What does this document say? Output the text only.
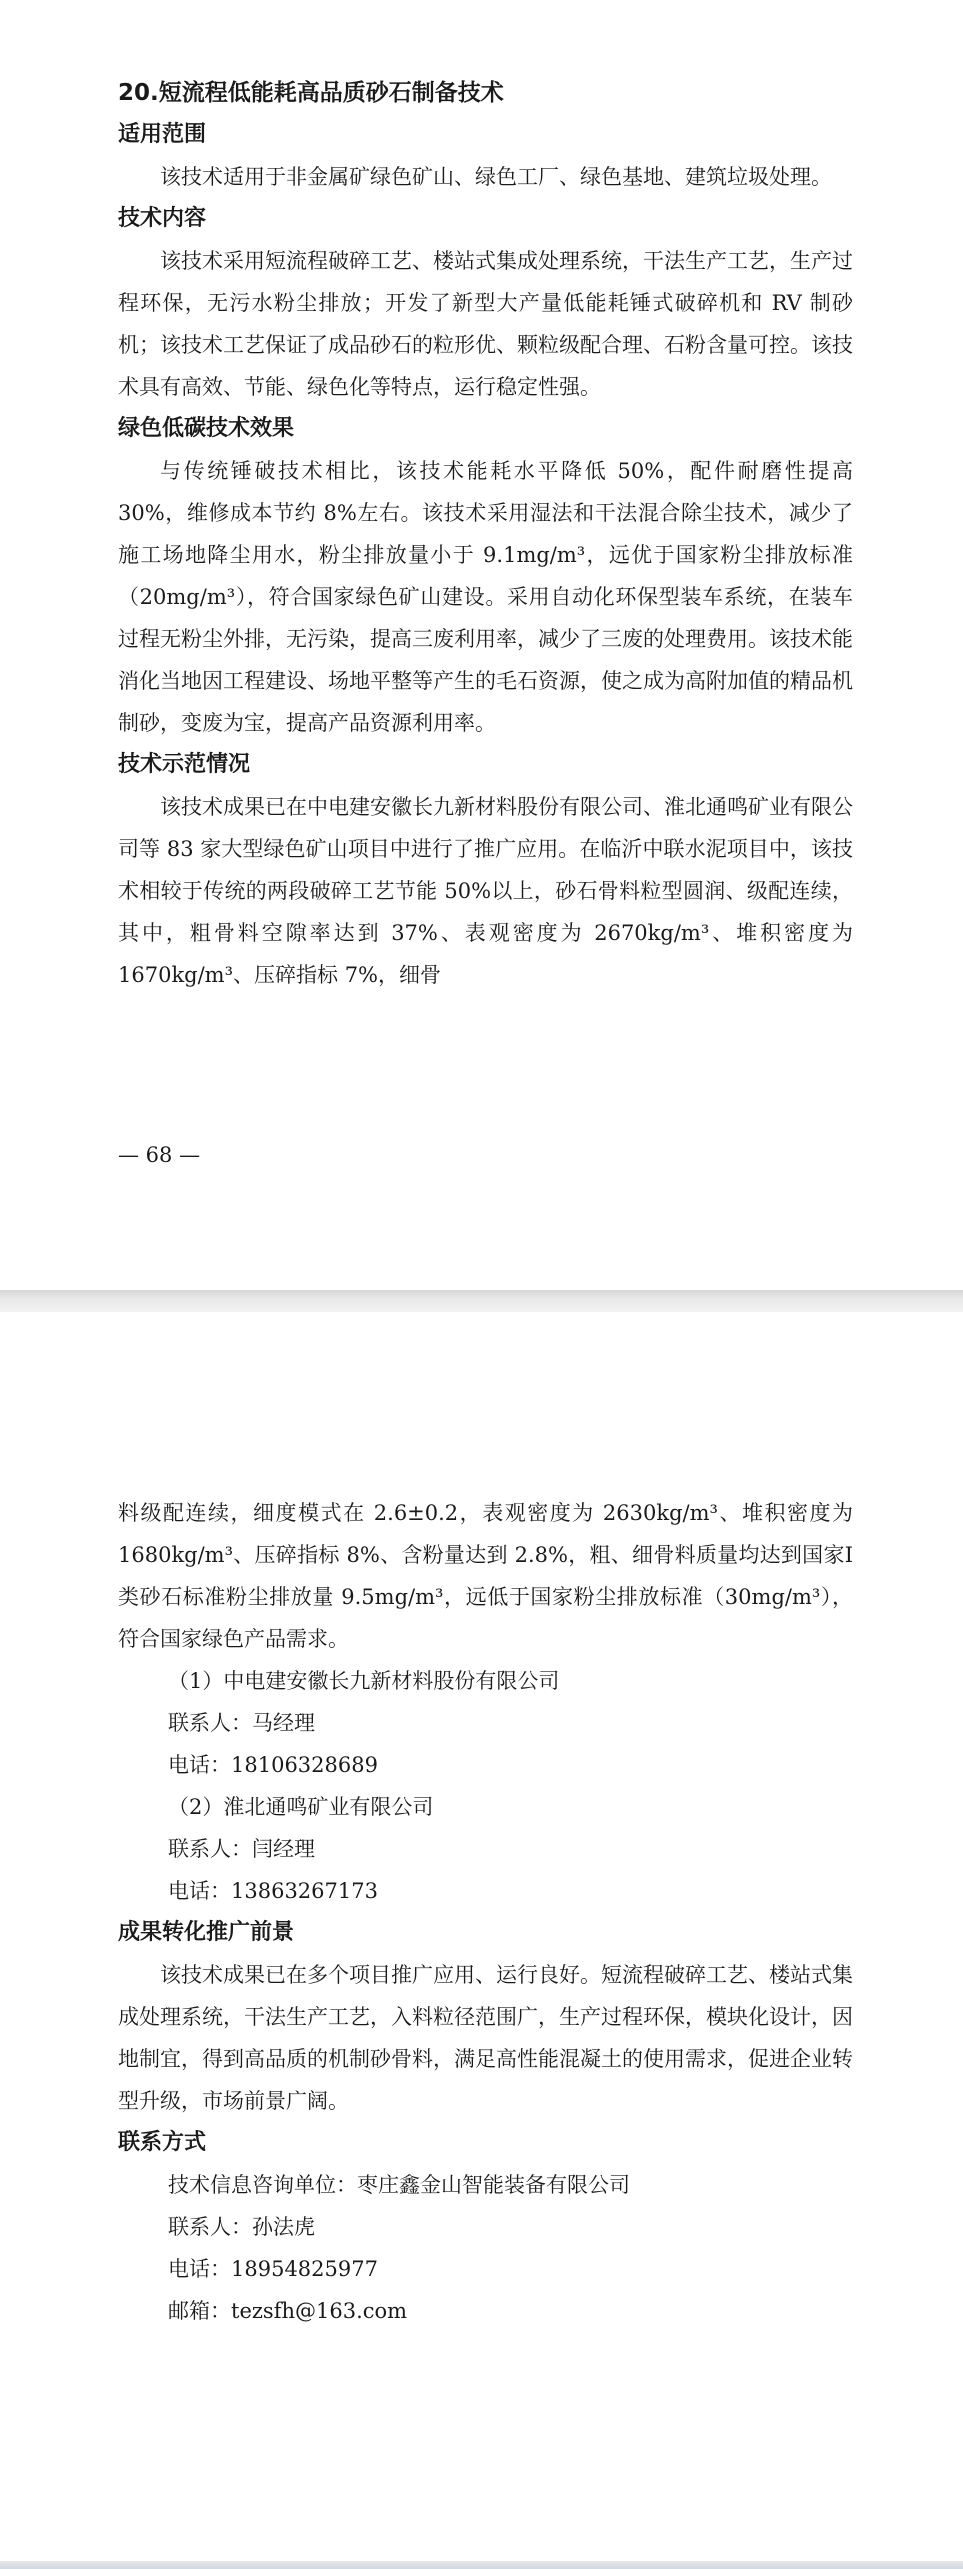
20.短流程低能耗高品质砂石制备技术

适用范围

该技术适用于非金属矿绿色矿山、绿色工厂、绿色基地、建筑垃圾处理。

技术内容

该技术采用短流程破碎工艺、楼站式集成处理系统，干法生产工艺，生产过程环保，无污水粉尘排放；开发了新型大产量低能耗锤式破碎机和 RV 制砂机；该技术工艺保证了成品砂石的粒形优、颗粒级配合理、石粉含量可控。该技术具有高效、节能、绿色化等特点，运行稳定性强。

绿色低碳技术效果

与传统锤破技术相比，该技术能耗水平降低 50%，配件耐磨性提高 30%，维修成本节约 8%左右。该技术采用湿法和干法混合除尘技术，减少了施工场地降尘用水，粉尘排放量小于 9.1mg/m³，远优于国家粉尘排放标准（20mg/m³），符合国家绿色矿山建设。采用自动化环保型装车系统，在装车过程无粉尘外排，无污染，提高三废利用率，减少了三废的处理费用。该技术能消化当地因工程建设、场地平整等产生的毛石资源，使之成为高附加值的精品机制砂，变废为宝，提高产品资源利用率。

技术示范情况

该技术成果已在中电建安徽长九新材料股份有限公司、淮北通鸣矿业有限公司等 83 家大型绿色矿山项目中进行了推广应用。在临沂中联水泥项目中，该技术相较于传统的两段破碎工艺节能 50%以上，砂石骨料粒型圆润、级配连续，其中，粗骨料空隙率达到 37%、表观密度为 2670kg/m³、堆积密度为 1670kg/m³、压碎指标 7%，细骨

— 68 —

料级配连续，细度模式在 2.6±0.2，表观密度为 2630kg/m³、堆积密度为 1680kg/m³、压碎指标 8%、含粉量达到 2.8%，粗、细骨料质量均达到国家Ⅰ类砂石标准粉尘排放量 9.5mg/m³，远低于国家粉尘排放标准（30mg/m³），符合国家绿色产品需求。

（1）中电建安徽长九新材料股份有限公司

联系人：马经理

电话：18106328689

（2）淮北通鸣矿业有限公司

联系人：闫经理

电话：13863267173

成果转化推广前景

该技术成果已在多个项目推广应用、运行良好。短流程破碎工艺、楼站式集成处理系统，干法生产工艺，入料粒径范围广，生产过程环保，模块化设计，因地制宜，得到高品质的机制砂骨料，满足高性能混凝土的使用需求，促进企业转型升级，市场前景广阔。

联系方式

技术信息咨询单位：枣庄鑫金山智能装备有限公司

联系人：孙法虎

电话：18954825977

邮箱：tezsfh@163.com
